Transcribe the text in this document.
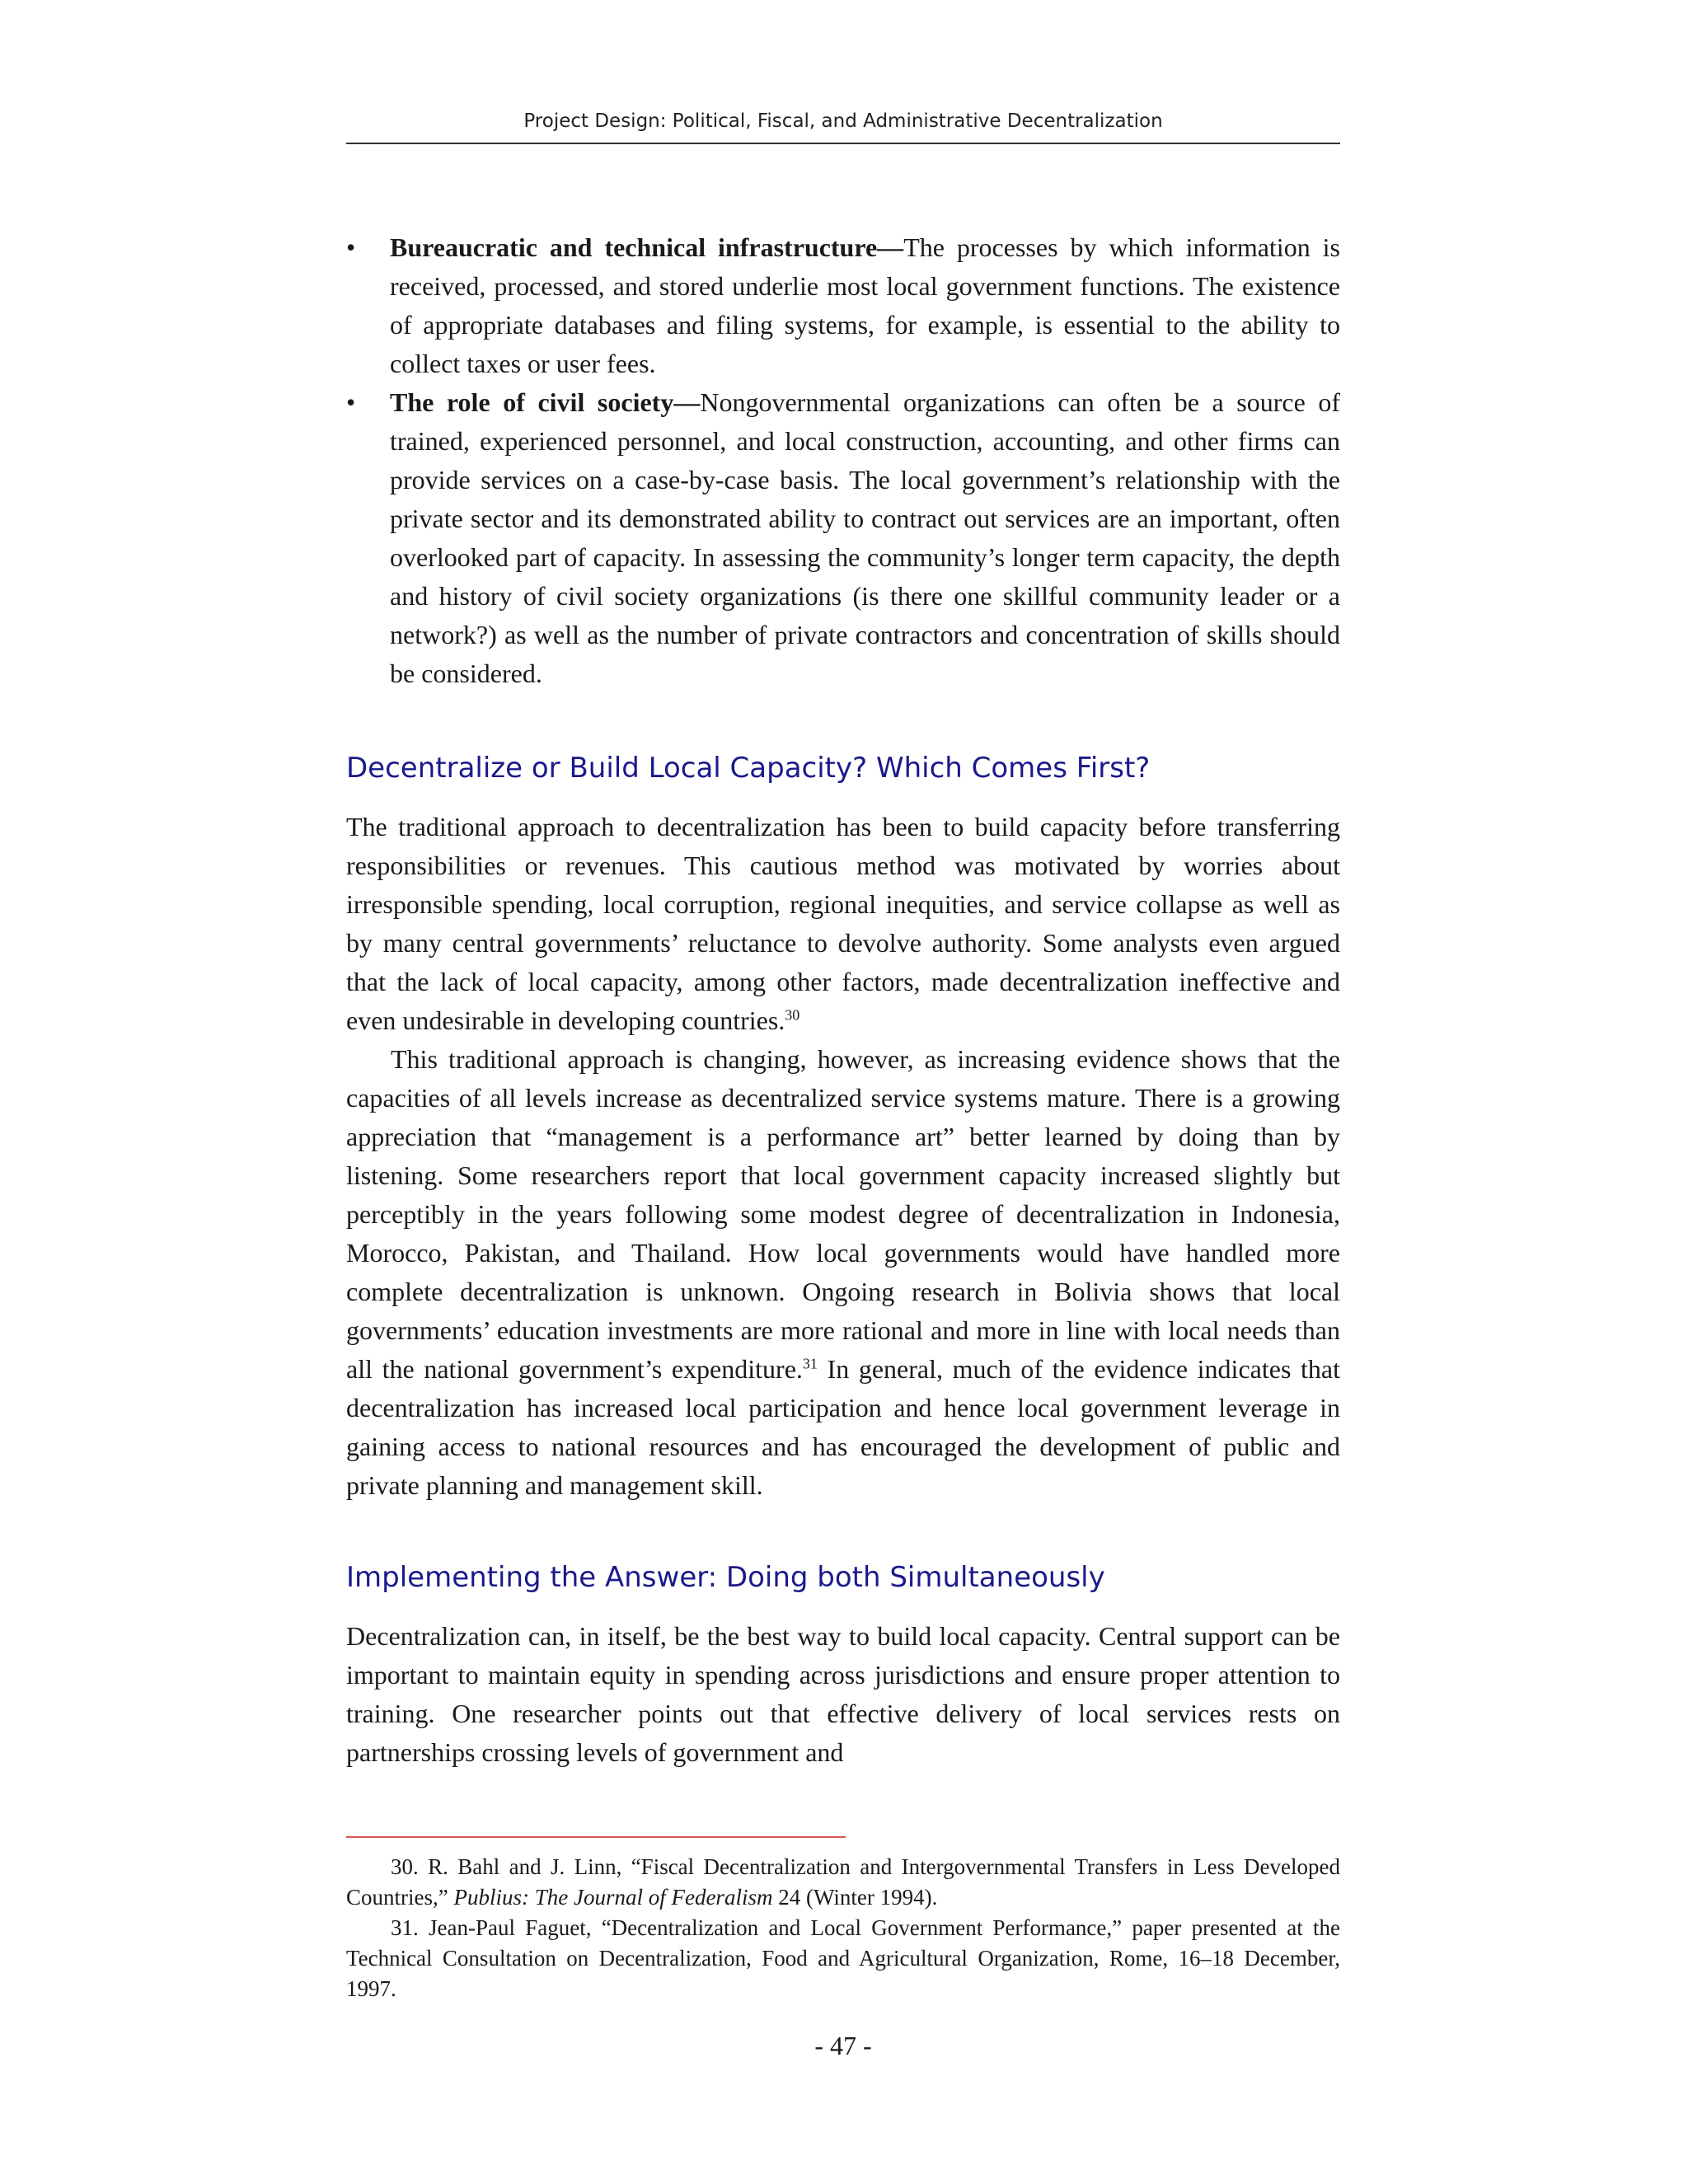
Project Design: Political, Fiscal, and Administrative Decentralization
• Bureaucratic and technical infrastructure—The processes by which information is received, processed, and stored underlie most local government functions. The existence of appropriate databases and filing systems, for example, is essential to the ability to collect taxes or user fees.
• The role of civil society—Nongovernmental organizations can often be a source of trained, experienced personnel, and local construction, accounting, and other firms can provide services on a case-by-case basis. The local government’s relationship with the private sector and its demonstrated ability to contract out services are an important, often overlooked part of capacity. In assessing the community’s longer term capacity, the depth and history of civil society organizations (is there one skillful community leader or a network?) as well as the number of private contractors and concentration of skills should be considered.
Decentralize or Build Local Capacity? Which Comes First?

The traditional approach to decentralization has been to build capacity before transferring responsibilities or revenues. This cautious method was motivated by worries about irresponsible spending, local corruption, regional inequities, and service collapse as well as by many central governments’ reluctance to devolve authority. Some analysts even argued that the lack of local capacity, among other factors, made decentralization ineffective and even undesirable in developing countries.$^{30}$

This traditional approach is changing, however, as increasing evidence shows that the capacities of all levels increase as decentralized service systems mature. There is a growing appreciation that “management is a performance art” better learned by doing than by listening. Some researchers report that local government capacity increased slightly but perceptibly in the years following some modest degree of decentralization in Indonesia, Morocco, Pakistan, and Thailand. How local governments would have handled more complete decentralization is unknown. Ongoing research in Bolivia shows that local governments’ education investments are more rational and more in line with local needs than all the national government’s expenditure.$^{31}$ In general, much of the evidence indicates that decentralization has increased local participation and hence local government leverage in gaining access to national resources and has encouraged the development of public and private planning and management skill.

Implementing the Answer: Doing both Simultaneously

Decentralization can, in itself, be the best way to build local capacity. Central support can be important to maintain equity in spending across jurisdictions and ensure proper attention to training. One researcher points out that effective delivery of local services rests on partnerships crossing levels of government and

30. R. Bahl and J. Linn, “Fiscal Decentralization and Intergovernmental Transfers in Less Developed Countries,” Publius: The Journal of Federalism 24 (Winter 1994).

31. Jean-Paul Faguet, “Decentralization and Local Government Performance,” paper presented at the Technical Consultation on Decentralization, Food and Agricultural Organization, Rome, 16–18 December, 1997.

- 47 -
